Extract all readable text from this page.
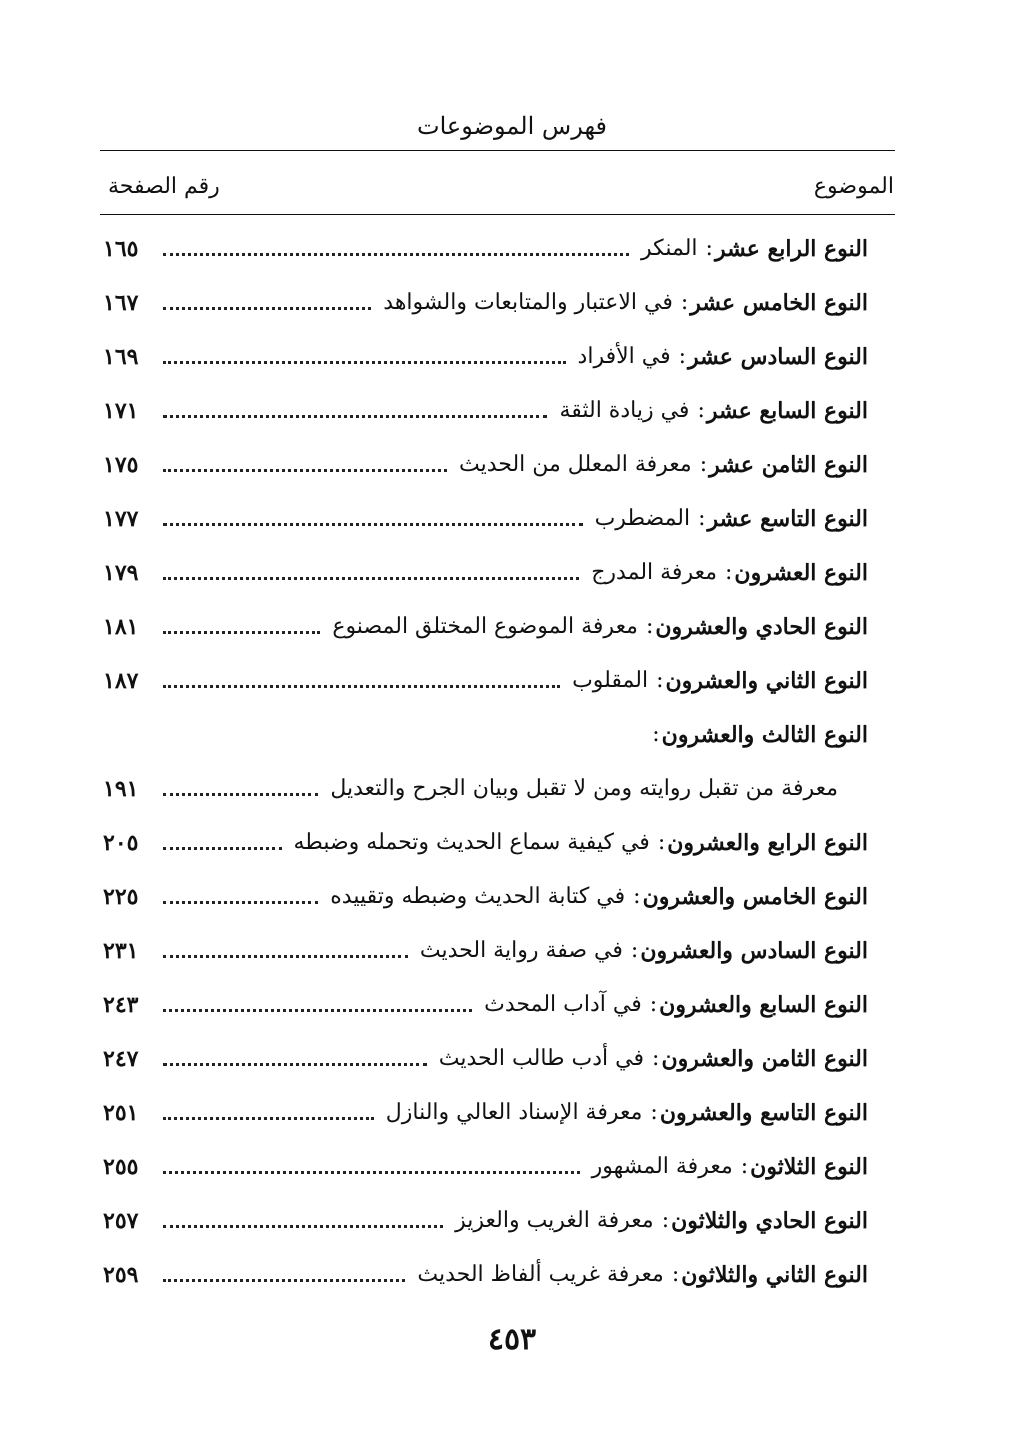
فهرس الموضوعات
الموضوع
رقم الصفحة
النوع الرابع عشر
:
المنكر
١٦٥
النوع الخامس عشر
:
في الاعتبار والمتابعات والشواهد
١٦٧
النوع السادس عشر
:
في الأفراد
١٦٩
النوع السابع عشر
:
في زيادة الثقة
١٧١
النوع الثامن عشر
:
معرفة المعلل من الحديث
١٧٥
النوع التاسع عشر
:
المضطرب
١٧٧
النوع العشرون
:
معرفة المدرج
١٧٩
النوع الحادي والعشرون
:
معرفة الموضوع المختلق المصنوع
١٨١
النوع الثاني والعشرون
:
المقلوب
١٨٧
النوع الثالث والعشرون
:
معرفة من تقبل روايته ومن لا تقبل وبيان الجرح والتعديل
١٩١
النوع الرابع والعشرون
:
في كيفية سماع الحديث وتحمله وضبطه
٢٠٥
النوع الخامس والعشرون
:
في كتابة الحديث وضبطه وتقييده
٢٢٥
النوع السادس والعشرون
:
في صفة رواية الحديث
٢٣١
النوع السابع والعشرون
:
في آداب المحدث
٢٤٣
النوع الثامن والعشرون
:
في أدب طالب الحديث
٢٤٧
النوع التاسع والعشرون
:
معرفة الإسناد العالي والنازل
٢٥١
النوع الثلاثون
:
معرفة المشهور
٢٥٥
النوع الحادي والثلاثون
:
معرفة الغريب والعزيز
٢٥٧
النوع الثاني والثلاثون
:
معرفة غريب ألفاظ الحديث
٢٥٩
٤٥٣
